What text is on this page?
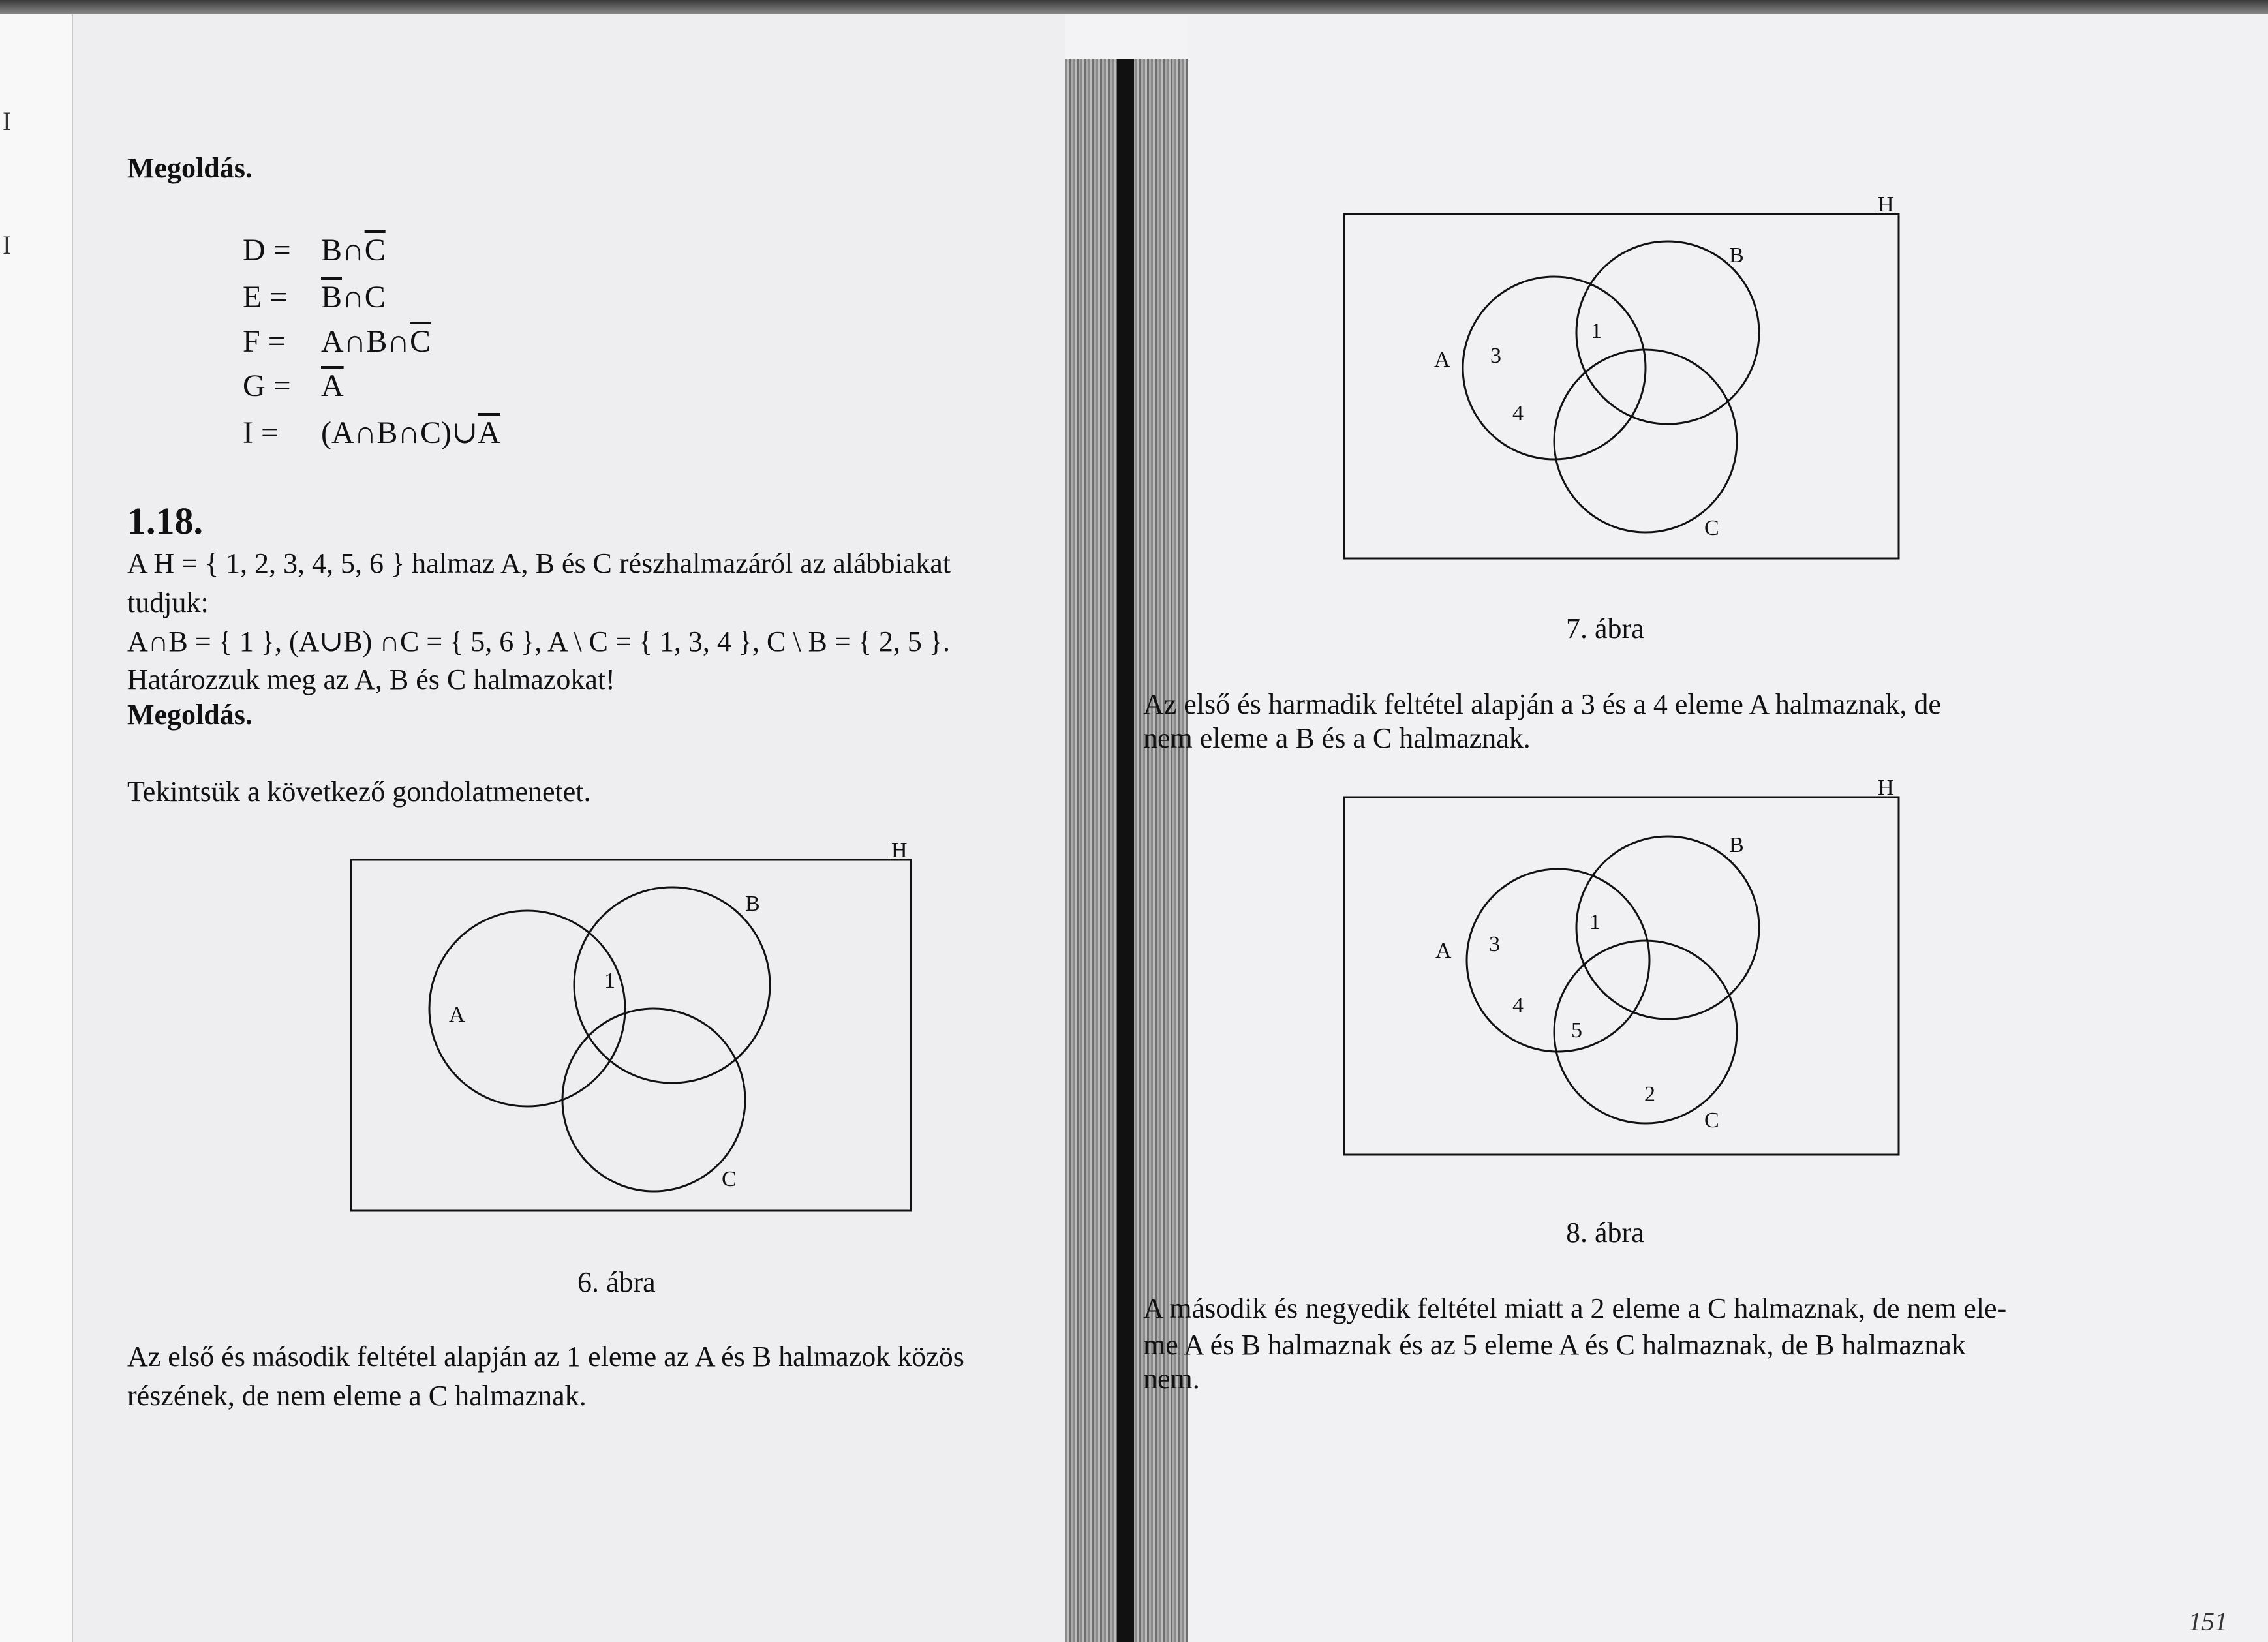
I
I
Megoldás.
$D = B\cap\overline{C}$
$E = \overline{B}\cap C$
$F = A\cap B\cap\overline{C}$
$G = \overline{A}$
$I = (A\cap B\cap C)\cup\overline{A}$
1.18.
A H = { 1, 2, 3, 4, 5, 6 } halmaz A, B és C részhalmazáról az alábbiakat
tudjuk:
A∩B = { 1 }, (A∪B) ∩C = { 5, 6 }, A \ C = { 1, 3, 4 }, C \ B = { 2, 5 }.
Határozzuk meg az A, B és C halmazokat!
Megoldás.
Tekintsük a következő gondolatmenetet.
H
A
B
C
1
6. ábra
Az első és második feltétel alapján az 1 eleme az A és B halmazok közös
részének, de nem eleme a C halmaznak.
H
A
B
C
1
3
4
7. ábra
Az első és harmadik feltétel alapján a 3 és a 4 eleme A halmaznak, de
nem eleme a B és a C halmaznak.
H
A
B
C
1
3
4
5
2
8. ábra
A második és negyedik feltétel miatt a 2 eleme a C halmaznak, de nem ele-
me A és B halmaznak és az 5 eleme A és C halmaznak, de B halmaznak
nem.
151
